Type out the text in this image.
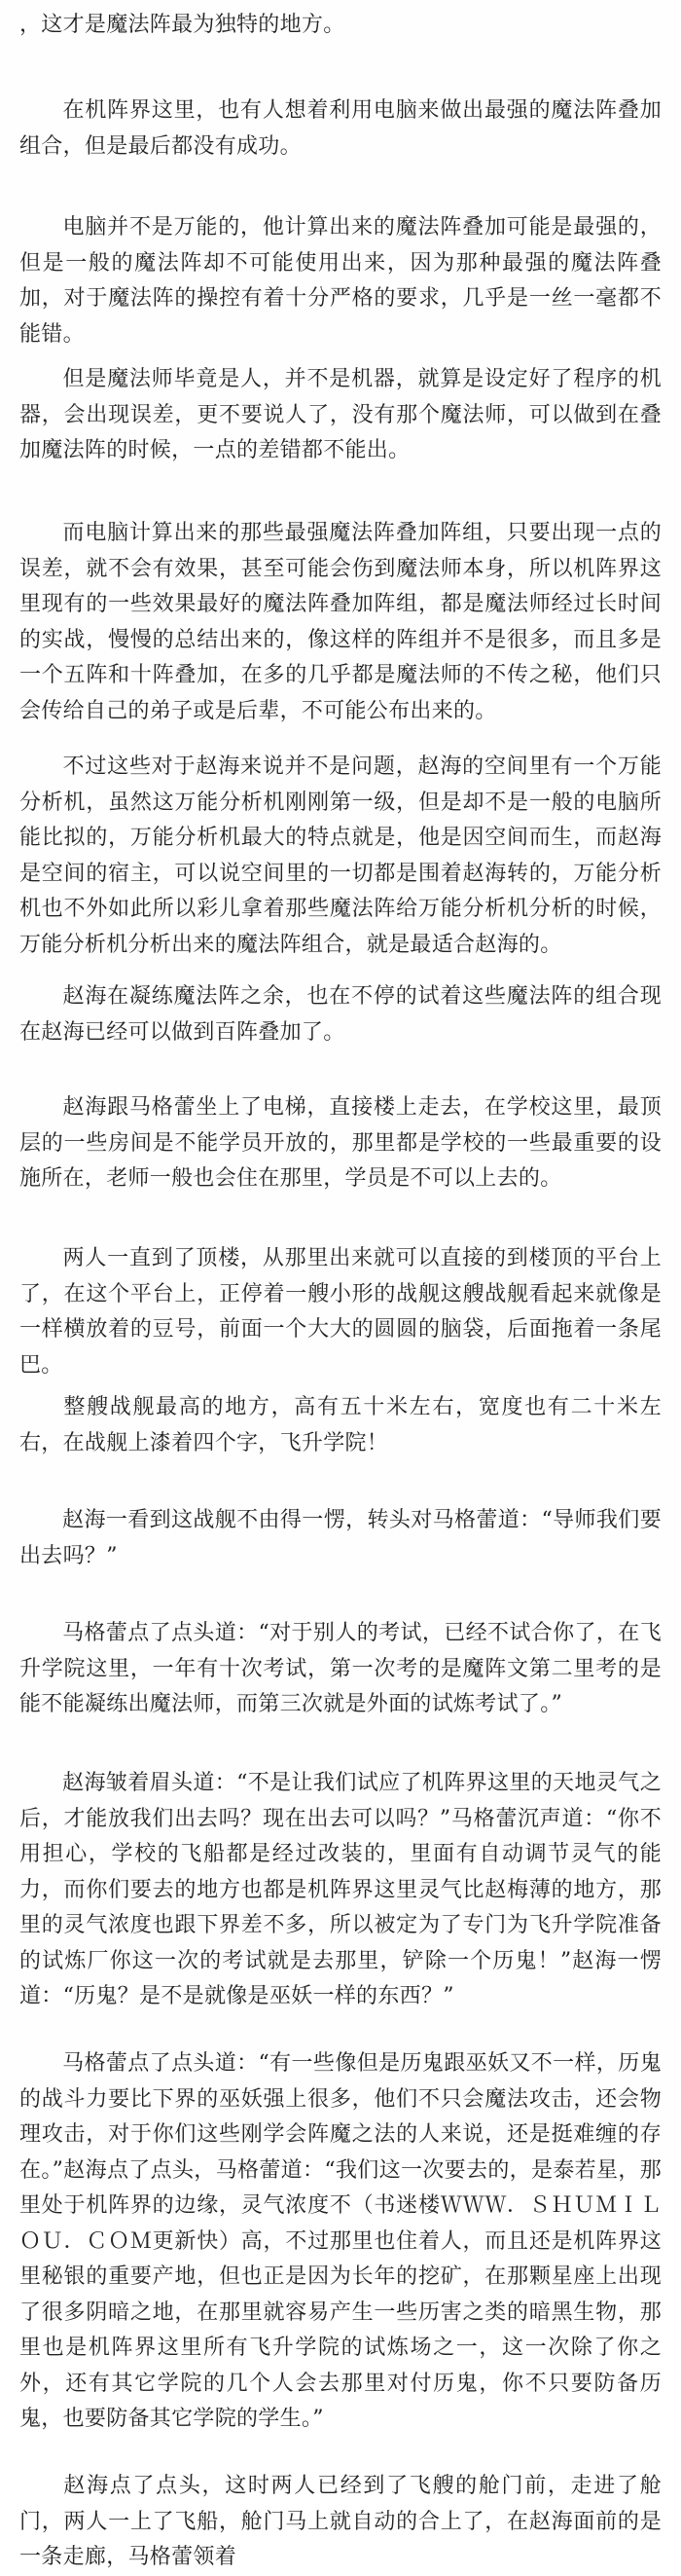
，这才是魔法阵最为独特的地方。

在机阵界这里，也有人想着利用电脑来做出最强的魔法阵叠加组合，但是最后都没有成功。

电脑并不是万能的，他计算出来的魔法阵叠加可能是最强的，但是一般的魔法阵却不可能使用出来，因为那种最强的魔法阵叠加，对于魔法阵的操控有着十分严格的要求，几乎是一丝一毫都不能错。

但是魔法师毕竟是人，并不是机器，就算是设定好了程序的机器，会出现误差，更不要说人了，没有那个魔法师，可以做到在叠加魔法阵的时候，一点的差错都不能出。

而电脑计算出来的那些最强魔法阵叠加阵组，只要出现一点的误差，就不会有效果，甚至可能会伤到魔法师本身，所以机阵界这里现有的一些效果最好的魔法阵叠加阵组，都是魔法师经过长时间的实战，慢慢的总结出来的，像这样的阵组并不是很多，而且多是一个五阵和十阵叠加，在多的几乎都是魔法师的不传之秘，他们只会传给自己的弟子或是后辈，不可能公布出来的。

不过这些对于赵海来说并不是问题，赵海的空间里有一个万能分析机，虽然这万能分析机刚刚第一级，但是却不是一般的电脑所能比拟的，万能分析机最大的特点就是，他是因空间而生，而赵海是空间的宿主，可以说空间里的一切都是围着赵海转的，万能分析机也不外如此所以彩儿拿着那些魔法阵给万能分析机分析的时候，万能分析机分析出来的魔法阵组合，就是最适合赵海的。

赵海在凝练魔法阵之余，也在不停的试着这些魔法阵的组合现在赵海已经可以做到百阵叠加了。

赵海跟马格蕾坐上了电梯，直接楼上走去，在学校这里，最顶层的一些房间是不能学员开放的，那里都是学校的一些最重要的设施所在，老师一般也会住在那里，学员是不可以上去的。

两人一直到了顶楼，从那里出来就可以直接的到楼顶的平台上了，在这个平台上，正停着一艘小形的战舰这艘战舰看起来就像是一样横放着的豆号，前面一个大大的圆圆的脑袋，后面拖着一条尾巴。

整艘战舰最高的地方，高有五十米左右，宽度也有二十米左右，在战舰上漆着四个字，飞升学院！

赵海一看到这战舰不由得一愣，转头对马格蕾道：“导师我们要出去吗？”

马格蕾点了点头道：“对于别人的考试，已经不试合你了，在飞升学院这里，一年有十次考试，第一次考的是魔阵文第二里考的是能不能凝练出魔法师，而第三次就是外面的试炼考试了。”

赵海皱着眉头道：“不是让我们试应了机阵界这里的天地灵气之后，才能放我们出去吗？现在出去可以吗？”马格蕾沉声道：“你不用担心，学校的飞船都是经过改装的，里面有自动调节灵气的能力，而你们要去的地方也都是机阵界这里灵气比赵梅薄的地方，那里的灵气浓度也跟下界差不多，所以被定为了专门为飞升学院准备的试炼厂你这一次的考试就是去那里，铲除一个历鬼！”赵海一愣道：“历鬼？是不是就像是巫妖一样的东西？”

马格蕾点了点头道：“有一些像但是历鬼跟巫妖又不一样，历鬼的战斗力要比下界的巫妖强上很多，他们不只会魔法攻击，还会物理攻击，对于你们这些刚学会阵魔之法的人来说，还是挺难缠的存在。”赵海点了点头，马格蕾道：“我们这一次要去的，是泰若星，那里处于机阵界的边缘，灵气浓度不（书迷楼ＷＷＷ．ＳＨＵＭＩＬＯＵ．ＣＯＭ更新快）高，不过那里也住着人，而且还是机阵界这里秘银的重要产地，但也正是因为长年的挖矿，在那颗星座上出现了很多阴暗之地，在那里就容易产生一些历害之类的暗黑生物，那里也是机阵界这里所有飞升学院的试炼场之一，这一次除了你之外，还有其它学院的几个人会去那里对付历鬼，你不只要防备历鬼，也要防备其它学院的学生。”

赵海点了点头，这时两人已经到了飞艘的舱门前，走进了舱门，两人一上了飞船，舱门马上就自动的合上了，在赵海面前的是一条走廊，马格蕾领着
